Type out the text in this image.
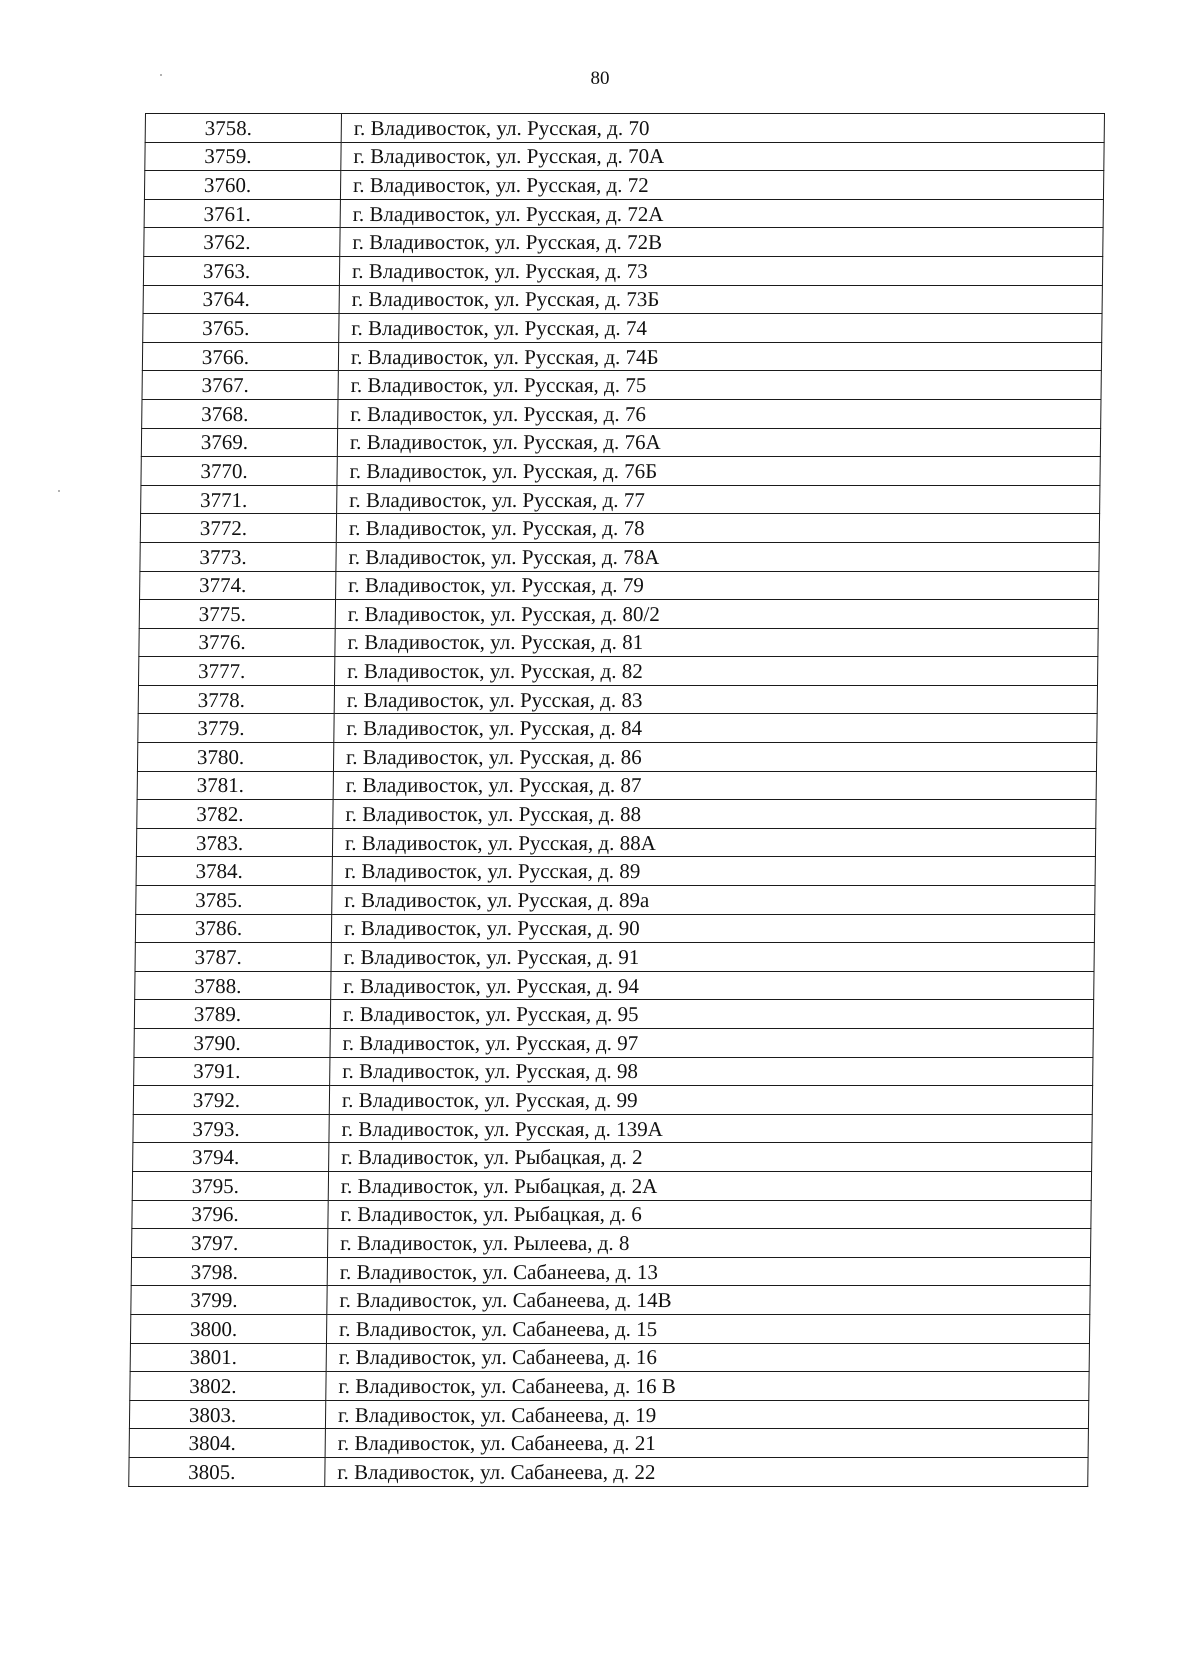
80
3758.	г. Владивосток, ул. Русская, д. 70
3759.	г. Владивосток, ул. Русская, д. 70А
3760.	г. Владивосток, ул. Русская, д. 72
3761.	г. Владивосток, ул. Русская, д. 72А
3762.	г. Владивосток, ул. Русская, д. 72В
3763.	г. Владивосток, ул. Русская, д. 73
3764.	г. Владивосток, ул. Русская, д. 73Б
3765.	г. Владивосток, ул. Русская, д. 74
3766.	г. Владивосток, ул. Русская, д. 74Б
3767.	г. Владивосток, ул. Русская, д. 75
3768.	г. Владивосток, ул. Русская, д. 76
3769.	г. Владивосток, ул. Русская, д. 76А
3770.	г. Владивосток, ул. Русская, д. 76Б
3771.	г. Владивосток, ул. Русская, д. 77
3772.	г. Владивосток, ул. Русская, д. 78
3773.	г. Владивосток, ул. Русская, д. 78А
3774.	г. Владивосток, ул. Русская, д. 79
3775.	г. Владивосток, ул. Русская, д. 80/2
3776.	г. Владивосток, ул. Русская, д. 81
3777.	г. Владивосток, ул. Русская, д. 82
3778.	г. Владивосток, ул. Русская, д. 83
3779.	г. Владивосток, ул. Русская, д. 84
3780.	г. Владивосток, ул. Русская, д. 86
3781.	г. Владивосток, ул. Русская, д. 87
3782.	г. Владивосток, ул. Русская, д. 88
3783.	г. Владивосток, ул. Русская, д. 88А
3784.	г. Владивосток, ул. Русская, д. 89
3785.	г. Владивосток, ул. Русская, д. 89а
3786.	г. Владивосток, ул. Русская, д. 90
3787.	г. Владивосток, ул. Русская, д. 91
3788.	г. Владивосток, ул. Русская, д. 94
3789.	г. Владивосток, ул. Русская, д. 95
3790.	г. Владивосток, ул. Русская, д. 97
3791.	г. Владивосток, ул. Русская, д. 98
3792.	г. Владивосток, ул. Русская, д. 99
3793.	г. Владивосток, ул. Русская, д. 139А
3794.	г. Владивосток, ул. Рыбацкая, д. 2
3795.	г. Владивосток, ул. Рыбацкая, д. 2А
3796.	г. Владивосток, ул. Рыбацкая, д. 6
3797.	г. Владивосток, ул. Рылеева, д. 8
3798.	г. Владивосток, ул. Сабанеева, д. 13
3799.	г. Владивосток, ул. Сабанеева, д. 14В
3800.	г. Владивосток, ул. Сабанеева, д. 15
3801.	г. Владивосток, ул. Сабанеева, д. 16
3802.	г. Владивосток, ул. Сабанеева, д. 16 В
3803.	г. Владивосток, ул. Сабанеева, д. 19
3804.	г. Владивосток, ул. Сабанеева, д. 21
3805.	г. Владивосток, ул. Сабанеева, д. 22
